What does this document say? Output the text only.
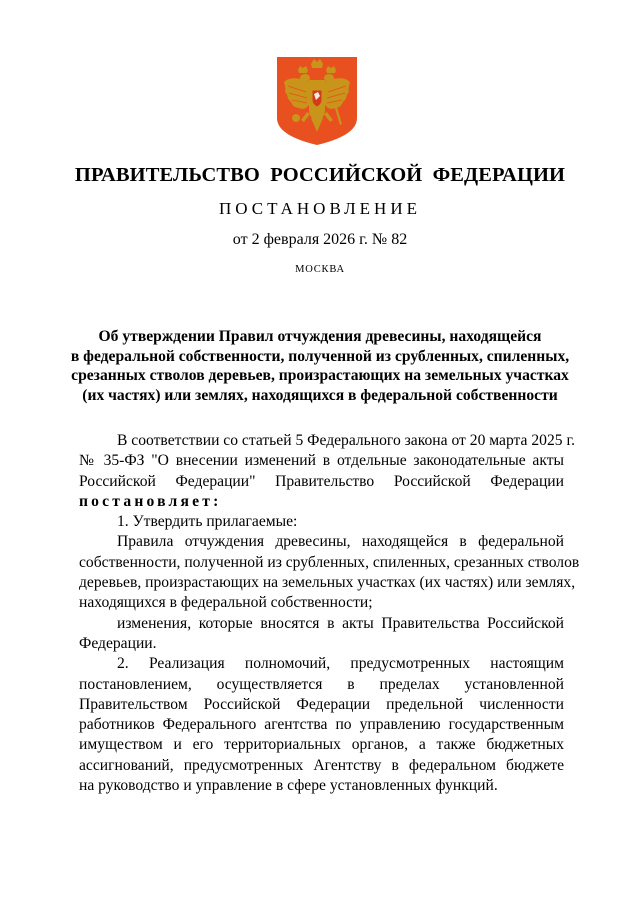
ПРАВИТЕЛЬСТВО РОССИЙСКОЙ ФЕДЕРАЦИИ
ПОСТАНОВЛЕНИЕ
от 2 февраля 2026 г. № 82
МОСКВА
Об утверждении Правил отчуждения древесины, находящейся
в федеральной собственности, полученной из срубленных, спиленных,
срезанных стволов деревьев, произрастающих на земельных участках
(их частях) или землях, находящихся в федеральной собственности
В соответствии со статьей 5 Федерального закона от 20 марта 2025 г.
№ 35-ФЗ "О внесении изменений в отдельные законодательные акты
Российской Федерации" Правительство Российской Федерации
постановляет:
1. Утвердить прилагаемые:
Правила отчуждения древесины, находящейся в федеральной
собственности, полученной из срубленных, спиленных, срезанных стволов
деревьев, произрастающих на земельных участках (их частях) или землях,
находящихся в федеральной собственности;
изменения, которые вносятся в акты Правительства Российской
Федерации.
2. Реализация полномочий, предусмотренных настоящим
постановлением, осуществляется в пределах установленной
Правительством Российской Федерации предельной численности
работников Федерального агентства по управлению государственным
имуществом и его территориальных органов, а также бюджетных
ассигнований, предусмотренных Агентству в федеральном бюджете
на руководство и управление в сфере установленных функций.
